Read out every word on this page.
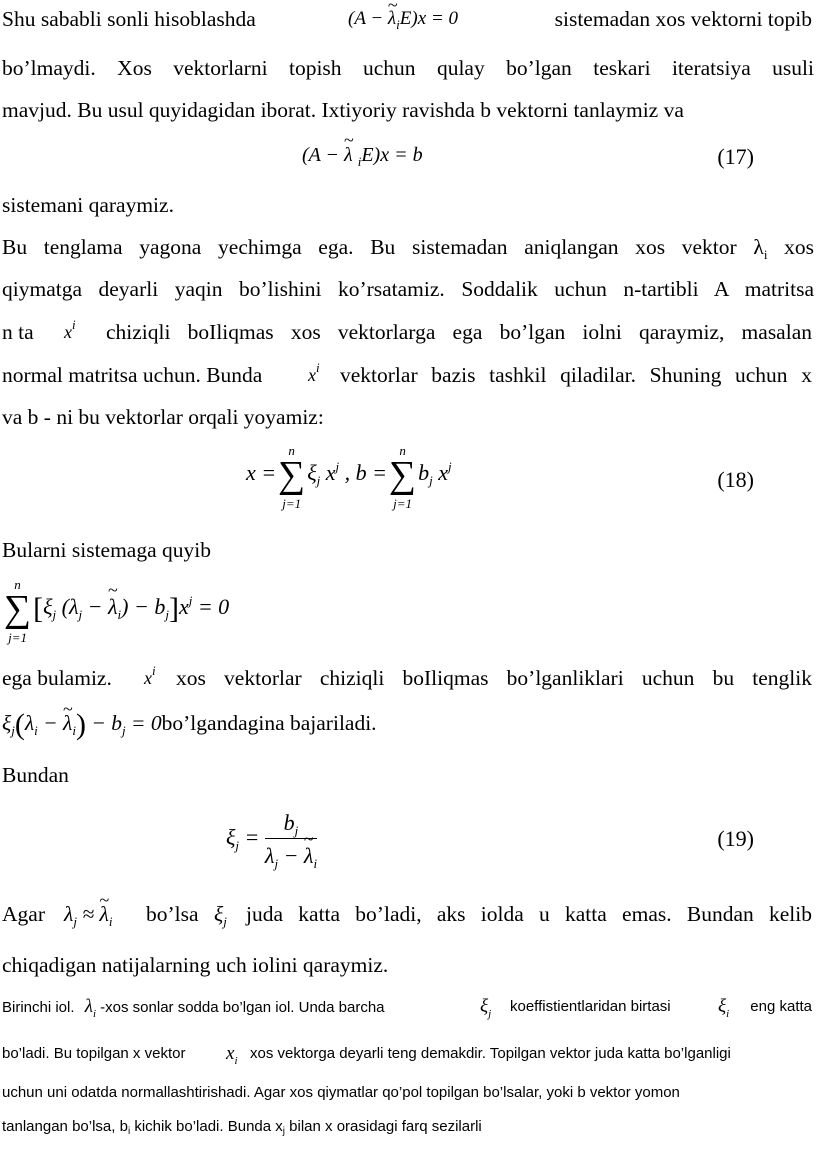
Shu sababli sonli hisoblashda	(A − ~ $\lambda_iE)x = 0$	sistemadan xos vektorni topib

bo’lmaydi. Xos vektorlarni topish uchun qulay bo’lgan teskari iteratsiya usuli

mavjud. Bu usul quyidagidan iborat. Ixtiyoriy ravishda b vektorni tanlaymiz va

(A − ~ λ $_i$E)x = b	(17)

sistemani qaraymiz.

Bu tenglama yagona yechimga ega. Bu sistemadan aniqlangan xos vektor $\lambda_i$ xos

qiymatga deyarli yaqin bo’lishini ko’rsatamiz. Soddalik uchun n-tartibli A matritsa

n ta $x^i$ chiziqli boIliqmas xos vektorlarga ega bo’lgan iolni qaraymiz, masalan

normal matritsa uchun. Bunda	$x^i$ vektorlar bazis tashkil qiladilar. Shuning uchun x

va b - ni bu vektorlar orqali yoyamiz:

x =∑
n
j=1
$\xi_j$ $x^j$ , b =∑
n
j=1
$b_j$ $x^j$
(18)

Bularni sistemaga quyib

∑
n
j=1
[$\xi_j$ ($\lambda_j$ − ~ $\lambda_i) - b_j]x^j = 0$

ega bulamiz. $x^i$ xos vektorlar chiziqli boIliqmas bo’lganliklari uchun bu tenglik

$\xi_j(\lambda_i$ − ~ $\lambda_i) - b_j$ = 0bo’lgandagina bajariladi.

Bundan

$\xi_j = \frac{b_j}{\lambda_j - \sim \lambda_i}$	(19)

Agar $\lambda_j$ ≈ ~ $\lambda_i$ bo’lsa $\xi_j$ juda katta bo’ladi, aks iolda u katta emas. Bundan kelib

chiqadigan natijalarning uch iolini qaraymiz.

Birinchi iol. $\lambda_i$ -xos sonlar sodda bo’lgan iol. Unda barcha	$\xi_j$ koeffistientlaridan birtasi $\xi_i$ eng katta

bo’ladi. Bu topilgan x vektor $x_i$ xos vektorga deyarli teng demakdir. Topilgan vektor juda katta bo’lganligi

uchun uni odatda normallashtirishadi. Agar xos qiymatlar qo’pol topilgan bo’lsalar, yoki b vektor yomon

tanlangan bo’lsa, $b_i$ kichik bo’ladi. Bunda $x_j$ bilan x orasidagi farq sezilarli
